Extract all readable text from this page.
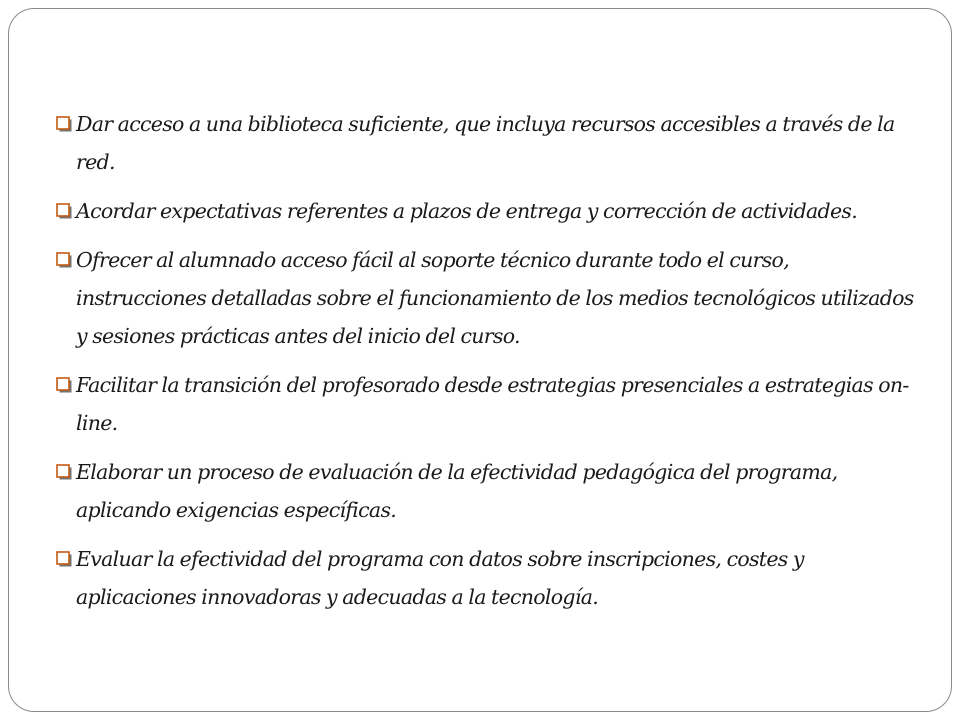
Dar acceso a una biblioteca suficiente, que incluya recursos accesibles a través de la red.
Acordar expectativas referentes a plazos de entrega y corrección de actividades.
Ofrecer al alumnado acceso fácil al soporte técnico durante todo el curso, instrucciones detalladas sobre el funcionamiento de los medios tecnológicos utilizados y sesiones prácticas antes del inicio del curso.
Facilitar la transición del profesorado desde estrategias presenciales a estrategias on-line.
Elaborar un proceso de evaluación de la efectividad pedagógica del programa, aplicando exigencias específicas.
Evaluar la efectividad del programa con datos sobre inscripciones, costes y aplicaciones innovadoras y adecuadas a la tecnología.
